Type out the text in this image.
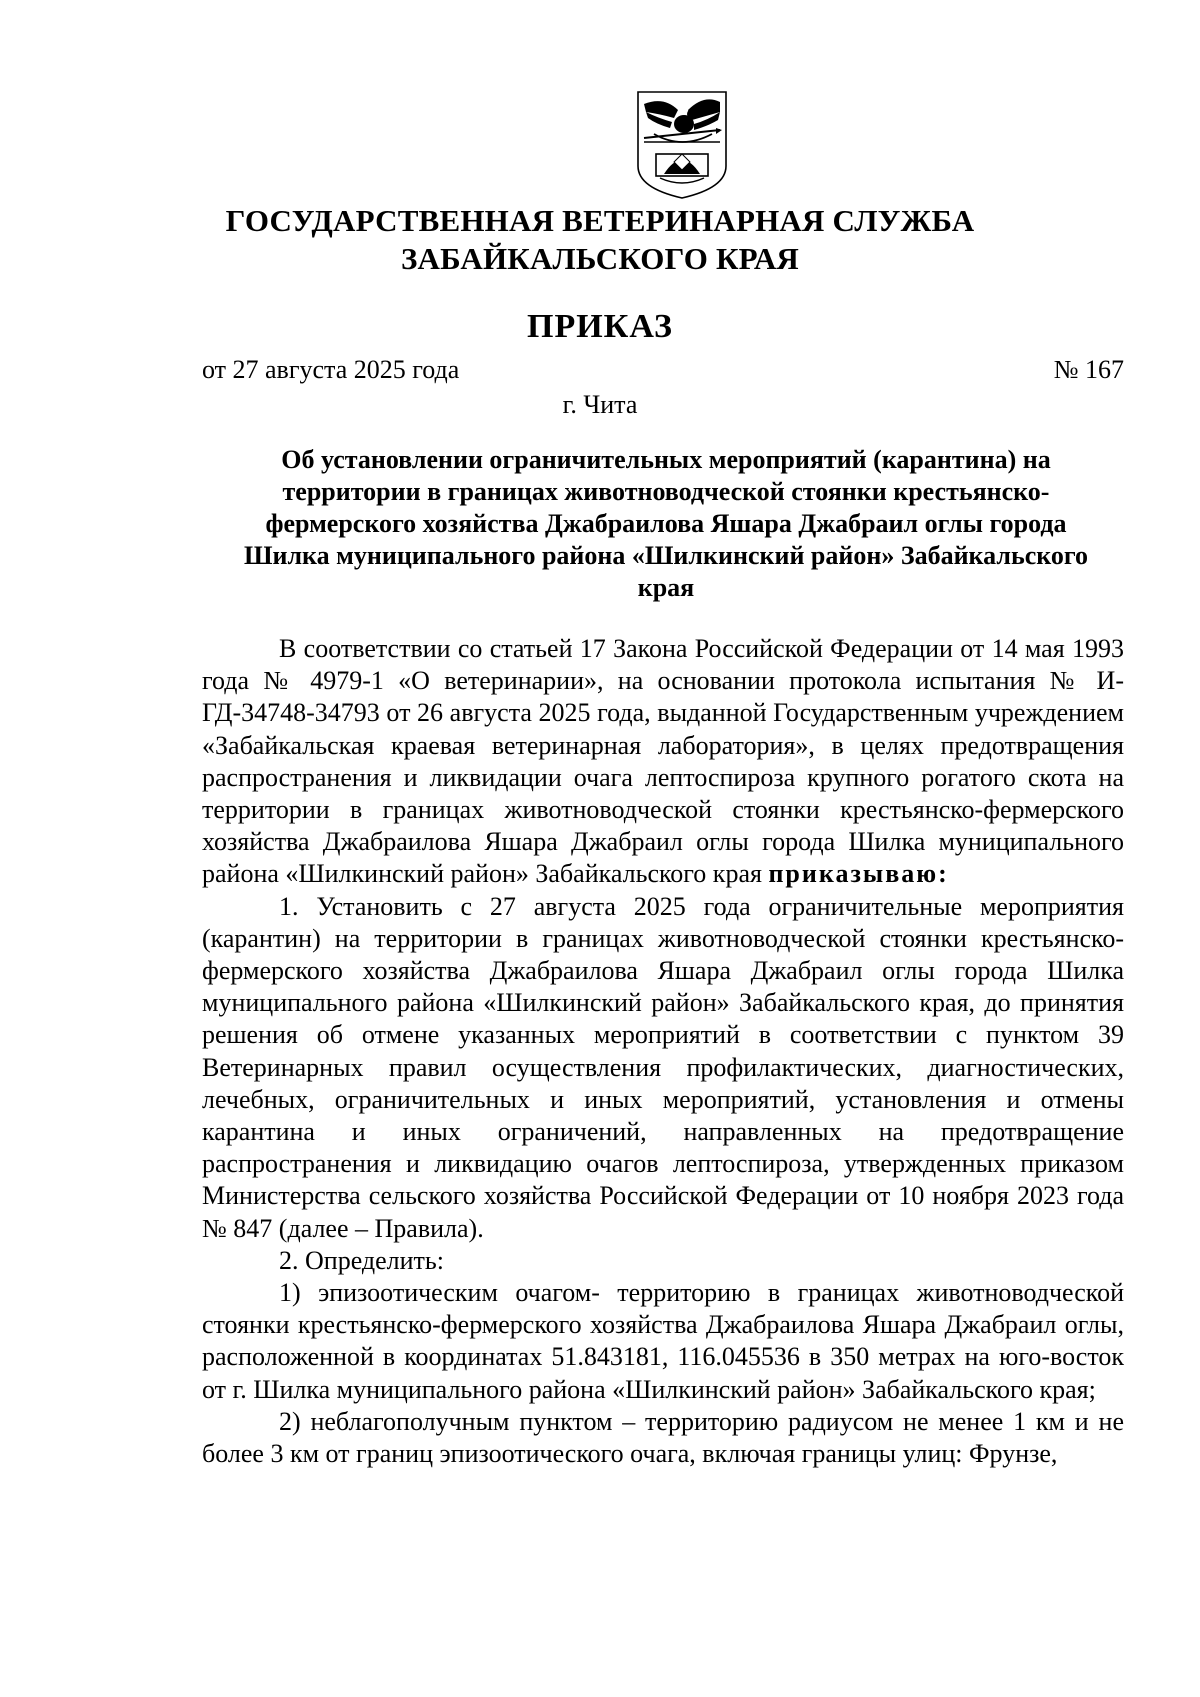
ГОСУДАРСТВЕННАЯ ВЕТЕРИНАРНАЯ СЛУЖБА
ЗАБАЙКАЛЬСКОГО КРАЯ
ПРИКАЗ
от 27 августа 2025 года	№ 167
г. Чита
Об установлении ограничительных мероприятий (карантина) на
территории в границах животноводческой стоянки крестьянско-
фермерского хозяйства Джабраилова Яшара Джабраил оглы города
Шилка муниципального района «Шилкинский район» Забайкальского
края

В соответствии со статьей 17 Закона Российской Федерации от 14 мая 1993 года № 4979-1 «О ветеринарии», на основании протокола испытания № И-ГД-34748-34793 от 26 августа 2025 года, выданной Государственным учреждением «Забайкальская краевая ветеринарная лаборатория», в целях предотвращения распространения и ликвидации очага лептоспироза крупного рогатого скота на территории в границах животноводческой стоянки крестьянско-фермерского хозяйства Джабраилова Яшара Джабраил оглы города Шилка муниципального района «Шилкинский район» Забайкальского края приказываю:

1. Установить с 27 августа 2025 года ограничительные мероприятия (карантин) на территории в границах животноводческой стоянки крестьянско-фермерского хозяйства Джабраилова Яшара Джабраил оглы города Шилка муниципального района «Шилкинский район» Забайкальского края, до принятия решения об отмене указанных мероприятий в соответствии с пунктом 39 Ветеринарных правил осуществления профилактических, диагностических, лечебных, ограничительных и иных мероприятий, установления и отмены карантина и иных ограничений, направленных на предотвращение распространения и ликвидацию очагов лептоспироза, утвержденных приказом Министерства сельского хозяйства Российской Федерации от 10 ноября 2023 года № 847 (далее – Правила).

2. Определить:

1) эпизоотическим очагом- территорию в границах животноводческой стоянки крестьянско-фермерского хозяйства Джабраилова Яшара Джабраил оглы, расположенной в координатах 51.843181, 116.045536 в 350 метрах на юго-восток от г. Шилка муниципального района «Шилкинский район» Забайкальского края;

2) неблагополучным пунктом – территорию радиусом не менее 1 км и не более 3 км от границ эпизоотического очага, включая границы улиц: Фрунзе,
